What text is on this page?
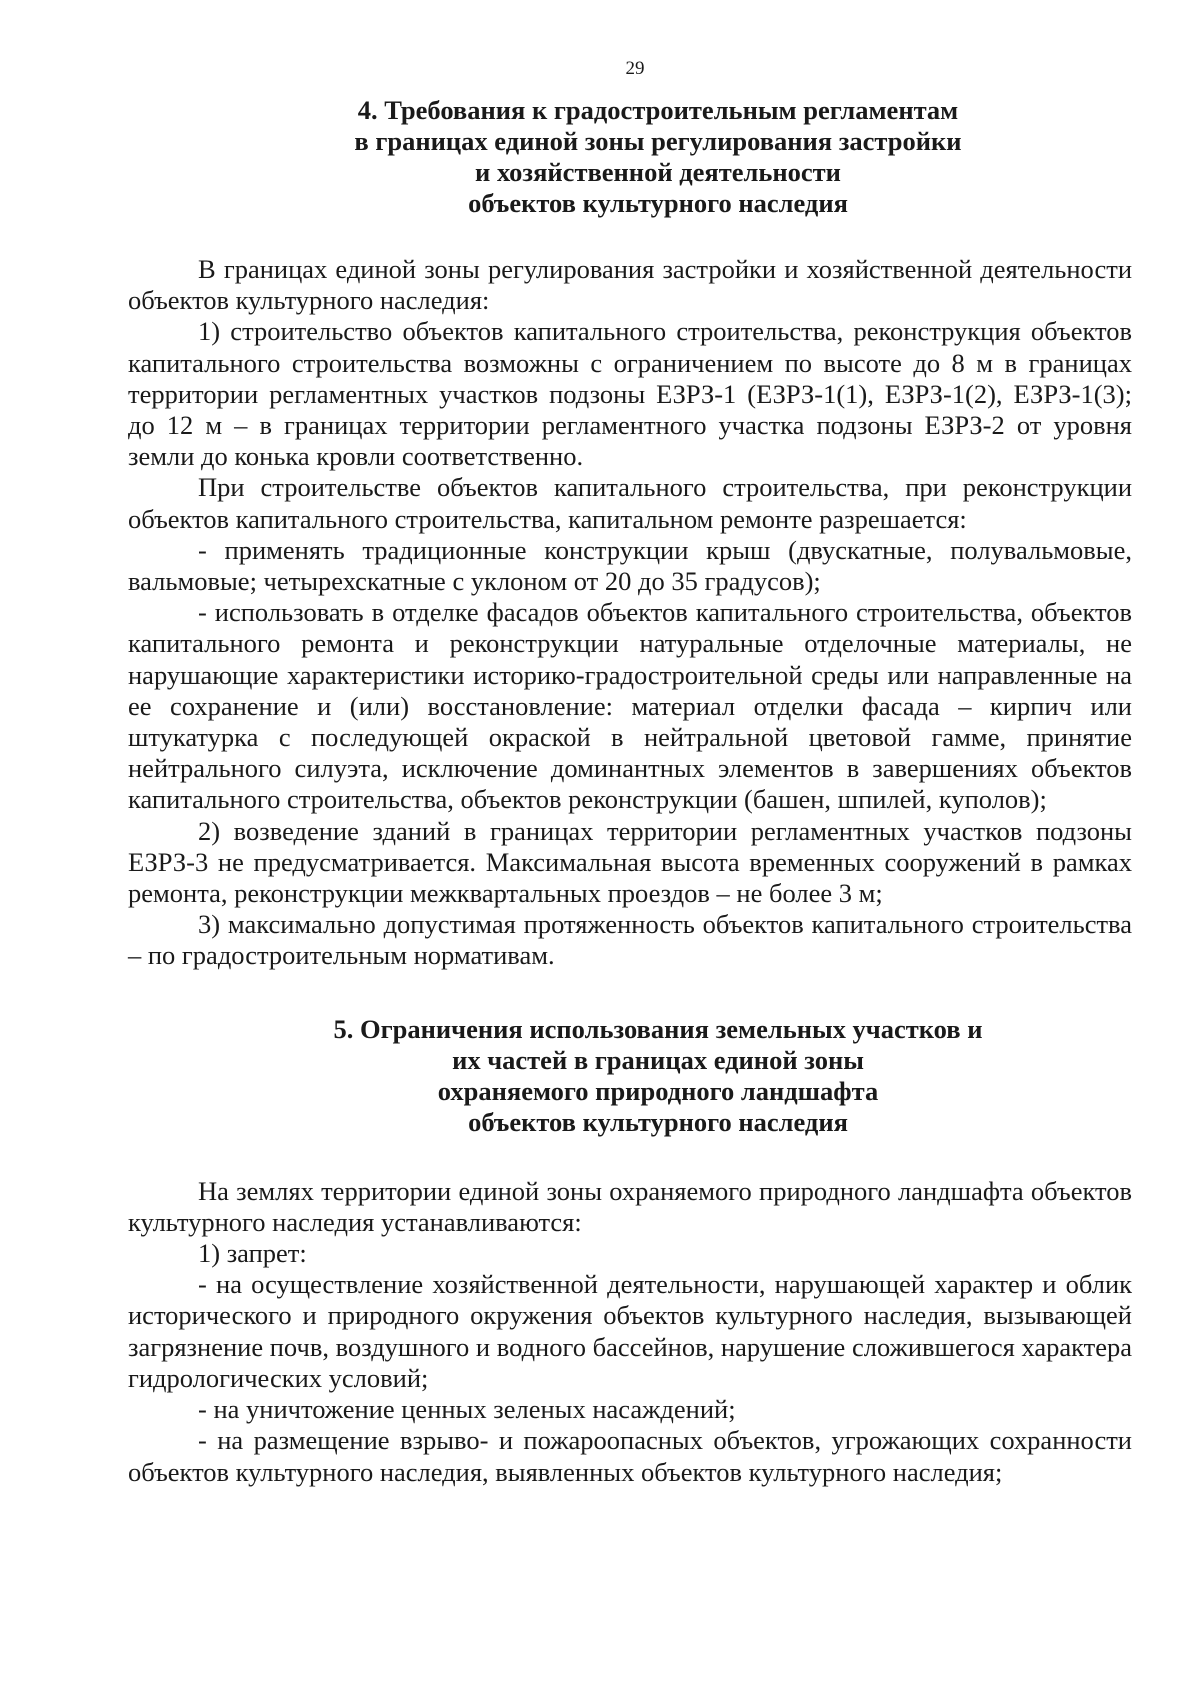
29
4. Требования к градостроительным регламентам
в границах единой зоны регулирования застройки
и хозяйственной деятельности
объектов культурного наследия

В границах единой зоны регулирования застройки и хозяйственной деятельности объектов культурного наследия:

1) строительство объектов капитального строительства, реконструкция объектов капитального строительства возможны с ограничением по высоте до 8 м в границах территории регламентных участков подзоны ЕЗРЗ-1 (ЕЗРЗ-1(1), ЕЗРЗ-1(2), ЕЗРЗ-1(3); до 12 м – в границах территории регламентного участка подзоны ЕЗРЗ-2 от уровня земли до конька кровли соответственно.

При строительстве объектов капитального строительства, при реконструкции объектов капитального строительства, капитальном ремонте разрешается:

- применять традиционные конструкции крыш (двускатные, полувальмовые, вальмовые; четырехскатные с уклоном от 20 до 35 градусов);

- использовать в отделке фасадов объектов капитального строительства, объектов капитального ремонта и реконструкции натуральные отделочные материалы, не нарушающие характеристики историко-градостроительной среды или направленные на ее сохранение и (или) восстановление: материал отделки фасада – кирпич или штукатурка с последующей окраской в нейтральной цветовой гамме, принятие нейтрального силуэта, исключение доминантных элементов в завершениях объектов капитального строительства, объектов реконструкции (башен, шпилей, куполов);

2) возведение зданий в границах территории регламентных участков подзоны ЕЗРЗ-3 не предусматривается. Максимальная высота временных сооружений в рамках ремонта, реконструкции межквартальных проездов – не более 3 м;

3) максимально допустимая протяженность объектов капитального строительства – по градостроительным нормативам.

5. Ограничения использования земельных участков и
их частей в границах единой зоны
охраняемого природного ландшафта
объектов культурного наследия

На землях территории единой зоны охраняемого природного ландшафта объектов культурного наследия устанавливаются:

1) запрет:

- на осуществление хозяйственной деятельности, нарушающей характер и облик исторического и природного окружения объектов культурного наследия, вызывающей загрязнение почв, воздушного и водного бассейнов, нарушение сложившегося характера гидрологических условий;

- на уничтожение ценных зеленых насаждений;

- на размещение взрыво- и пожароопасных объектов, угрожающих сохранности объектов культурного наследия, выявленных объектов культурного наследия;
